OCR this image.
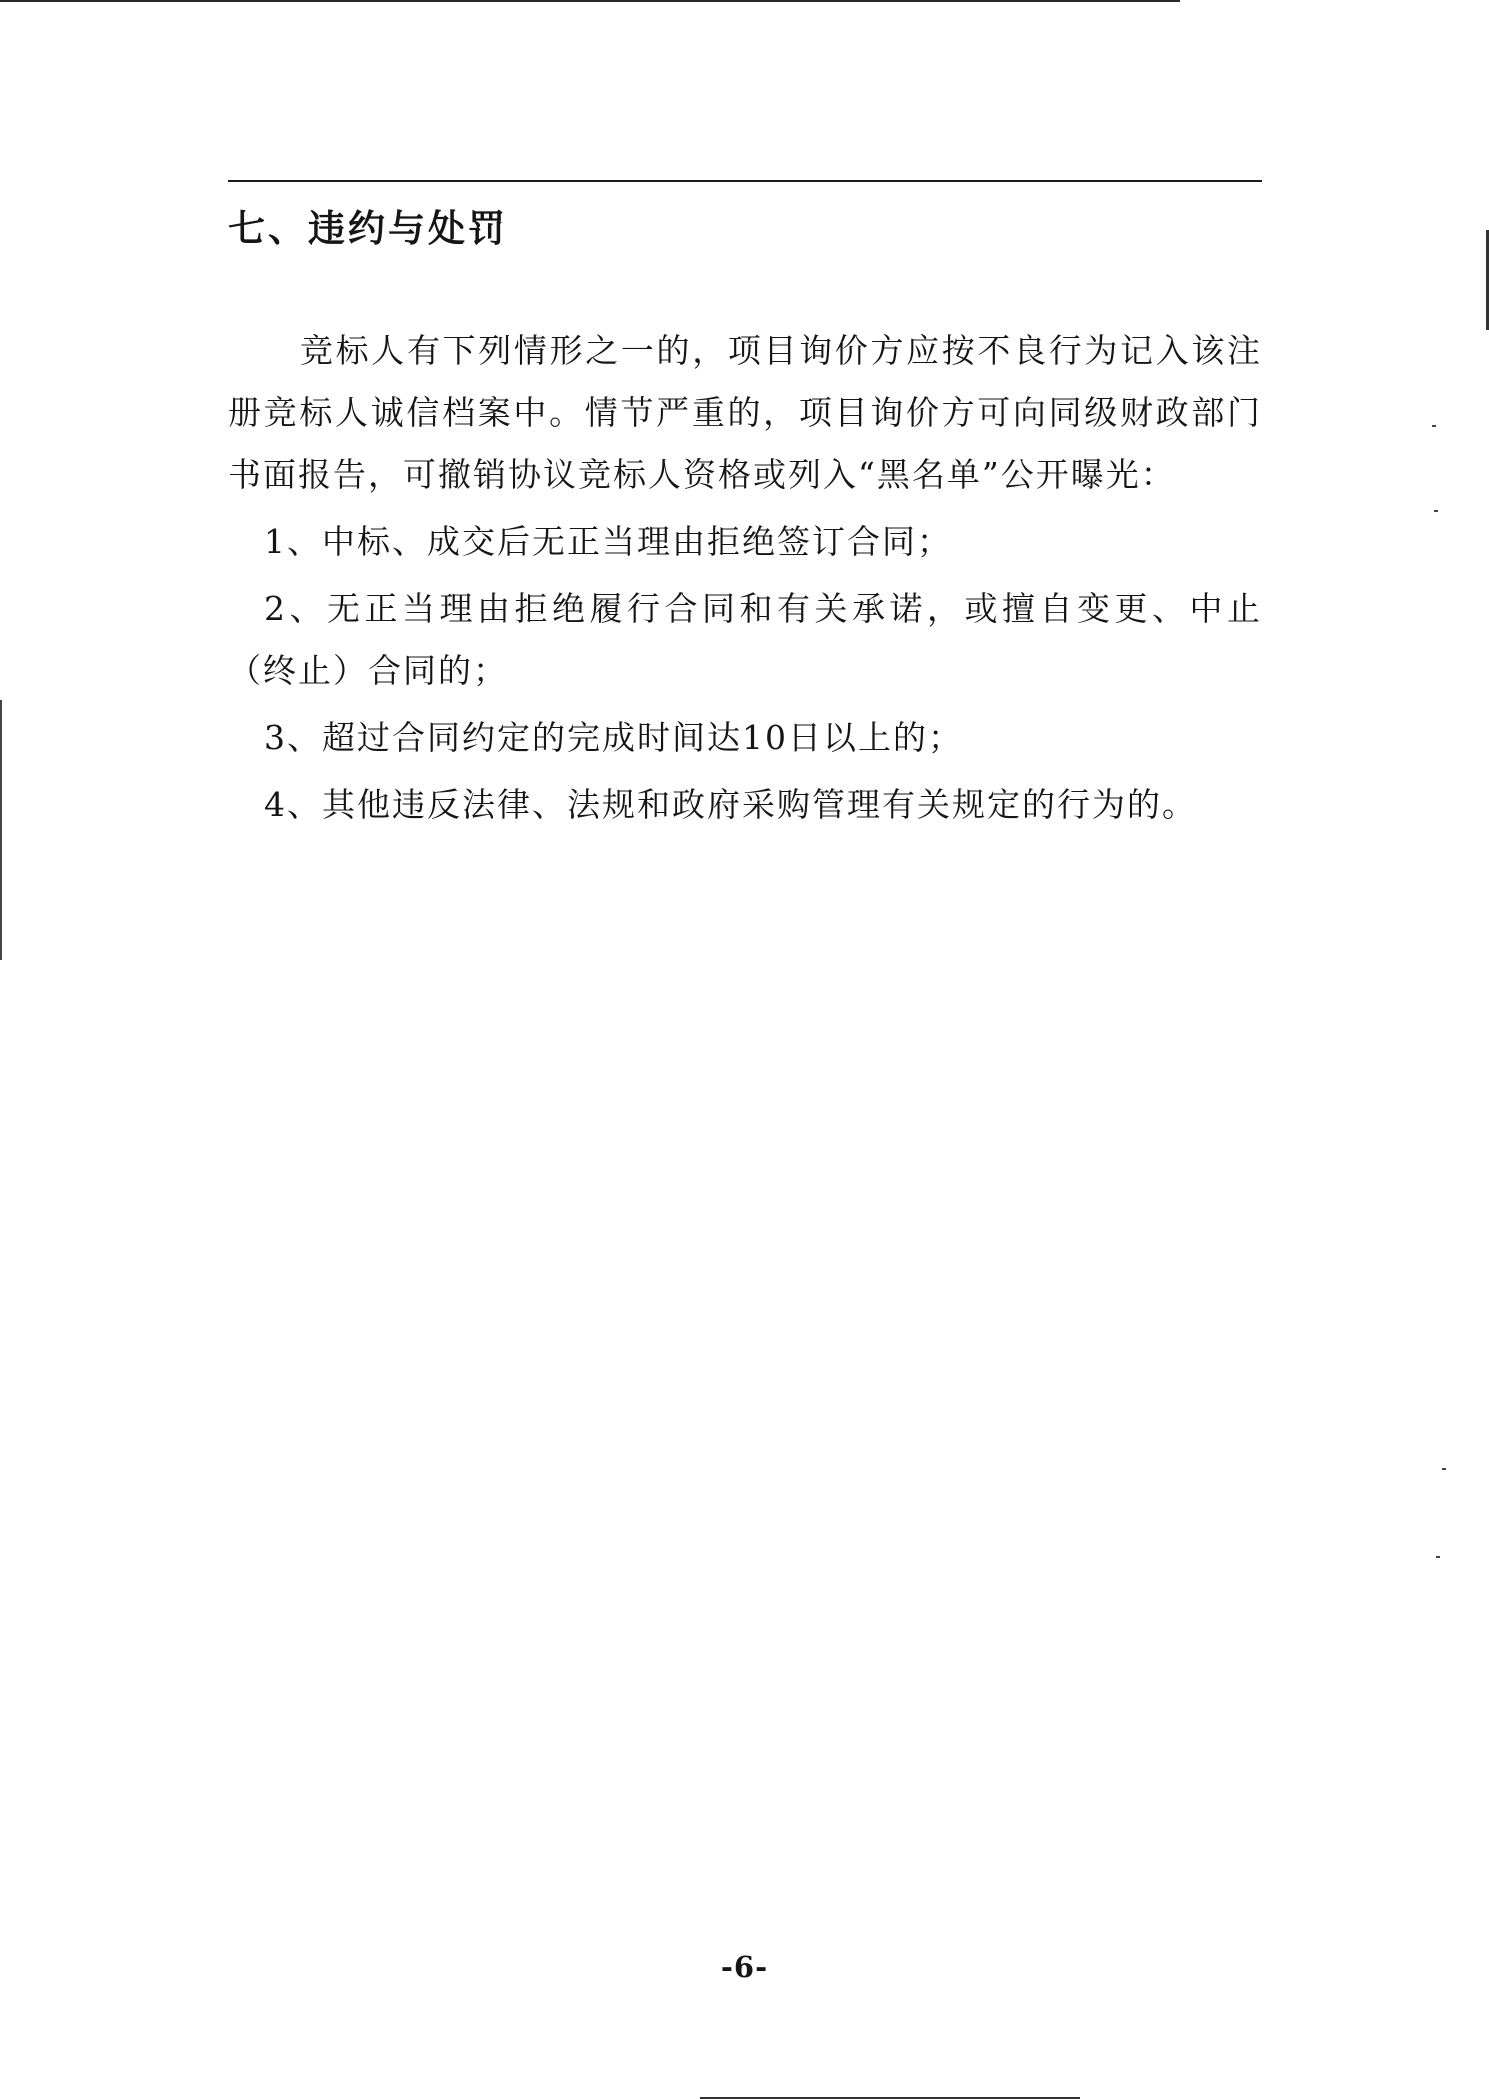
七、违约与处罚

竞标人有下列情形之一的，项目询价方应按不良行为记入该注册竞标人诚信档案中。情节严重的，项目询价方可向同级财政部门书面报告，可撤销协议竞标人资格或列入“黑名单”公开曝光：

1、中标、成交后无正当理由拒绝签订合同；

2、无正当理由拒绝履行合同和有关承诺，或擅自变更、中止（终止）合同的；

3、超过合同约定的完成时间达10日以上的；

4、其他违反法律、法规和政府采购管理有关规定的行为的。

-6-
